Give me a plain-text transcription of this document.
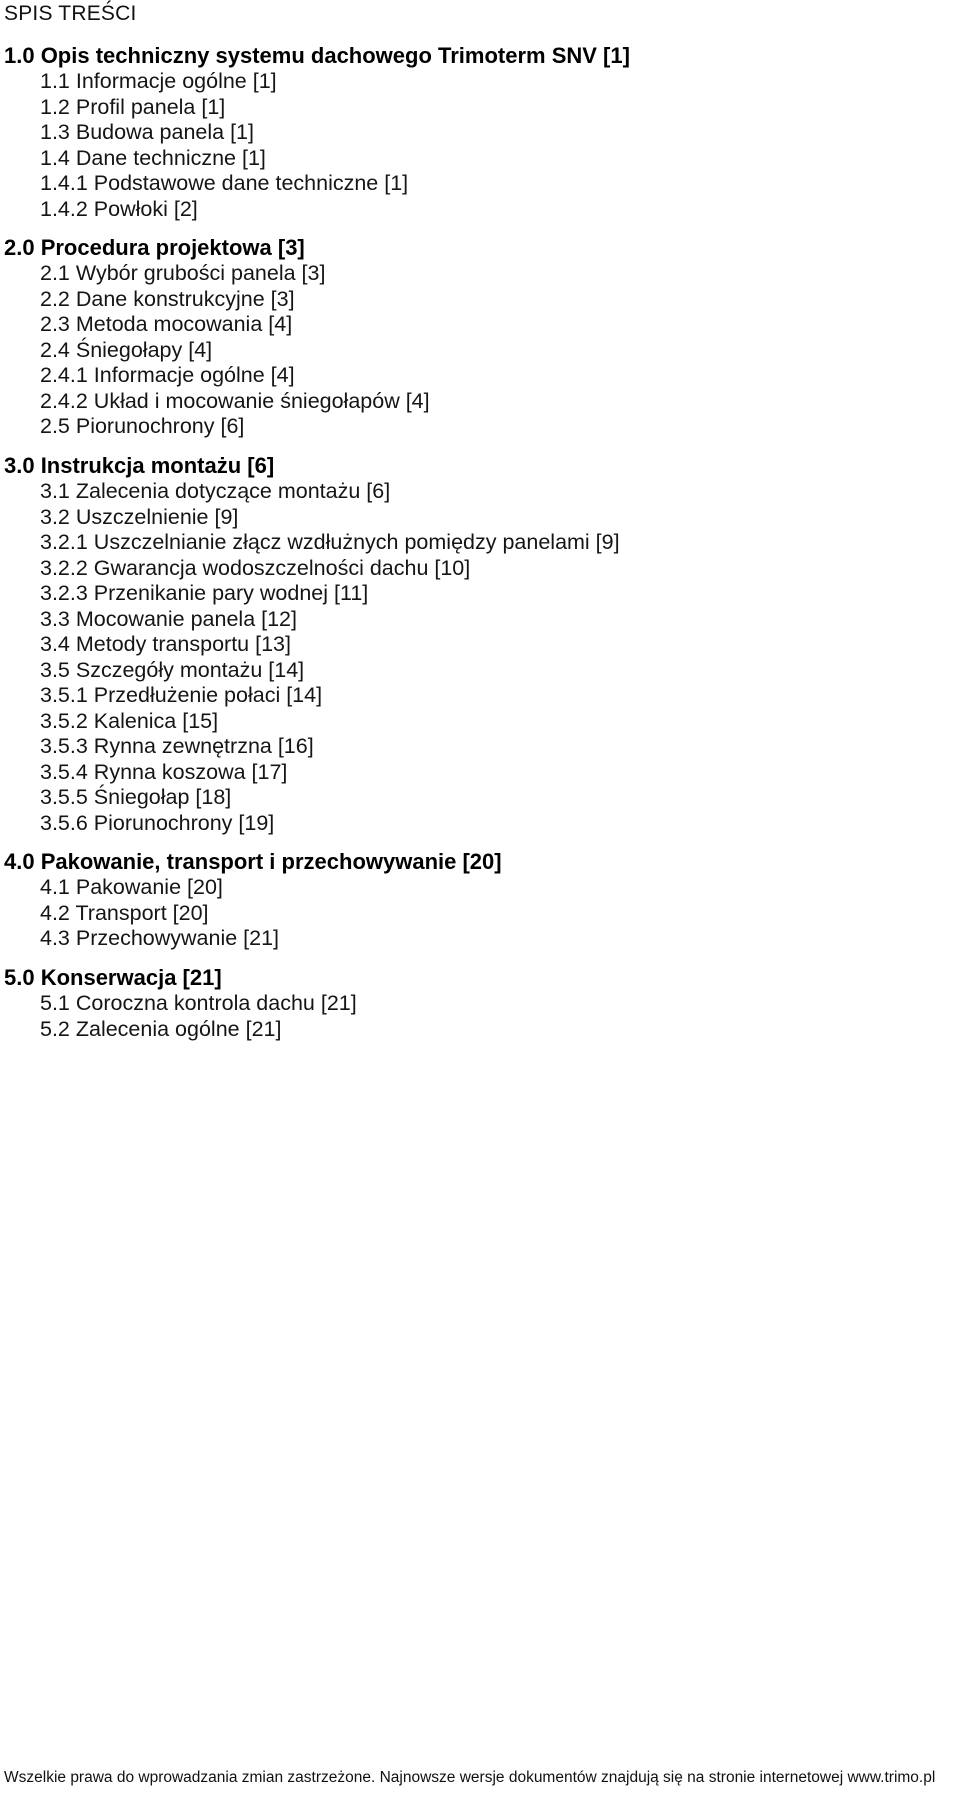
SPIS TREŚCI
1.0 Opis techniczny systemu dachowego Trimoterm SNV [1]
1.1 Informacje ogólne [1]
1.2 Profil panela [1]
1.3 Budowa panela [1]
1.4 Dane techniczne [1]
1.4.1 Podstawowe dane techniczne [1]
1.4.2 Powłoki [2]
2.0 Procedura projektowa [3]
2.1 Wybór grubości panela [3]
2.2 Dane konstrukcyjne [3]
2.3 Metoda mocowania [4]
2.4 Śniegołapy [4]
2.4.1 Informacje ogólne [4]
2.4.2 Układ i mocowanie śniegołapów [4]
2.5 Piorunochrony [6]
3.0 Instrukcja montażu [6]
3.1 Zalecenia dotyczące montażu [6]
3.2 Uszczelnienie [9]
3.2.1 Uszczelnianie złącz wzdłużnych pomiędzy panelami [9]
3.2.2 Gwarancja wodoszczelności dachu [10]
3.2.3 Przenikanie pary wodnej [11]
3.3 Mocowanie panela [12]
3.4 Metody transportu [13]
3.5 Szczegóły montażu [14]
3.5.1 Przedłużenie połaci [14]
3.5.2 Kalenica [15]
3.5.3 Rynna zewnętrzna [16]
3.5.4 Rynna koszowa [17]
3.5.5 Śniegołap [18]
3.5.6 Piorunochrony [19]
4.0 Pakowanie, transport i przechowywanie [20]
4.1 Pakowanie [20]
4.2 Transport [20]
4.3 Przechowywanie [21]
5.0 Konserwacja [21]
5.1 Coroczna kontrola dachu [21]
5.2 Zalecenia ogólne [21]
Wszelkie prawa do wprowadzania zmian zastrzeżone. Najnowsze wersje dokumentów znajdują się na stronie internetowej www.trimo.pl
